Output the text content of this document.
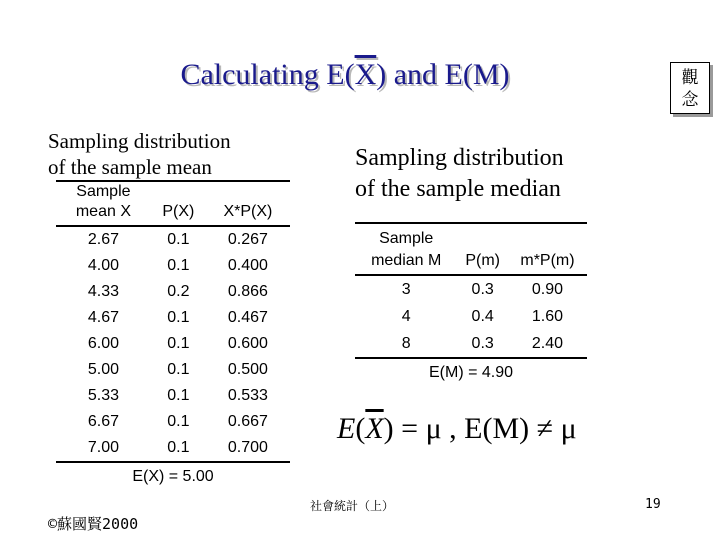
Calculating $E(\overline{X})$ and E(M)	觀
念
Sampling distribution
of the sample mean
Sample		
mean X	P(X)	X*P(X)
2.67	0.1	0.267
4.00	0.1	0.400
4.33	0.2	0.866
4.67	0.1	0.467
6.00	0.1	0.600
5.00	0.1	0.500
5.33	0.1	0.533
6.67	0.1	0.667
7.00	0.1	0.700
E(X) = 5.00		
Sampling distribution
of the sample median
Sample		
median M	P(m)	m*P(m)
3	0.3	0.90
4	0.4	1.60
8	0.3	2.40
E(M) = 4.90		
$E(\overline{X}) = \mu$ , E(M) ≠ μ
社會統計（上）	19
©蘇國賢2000
